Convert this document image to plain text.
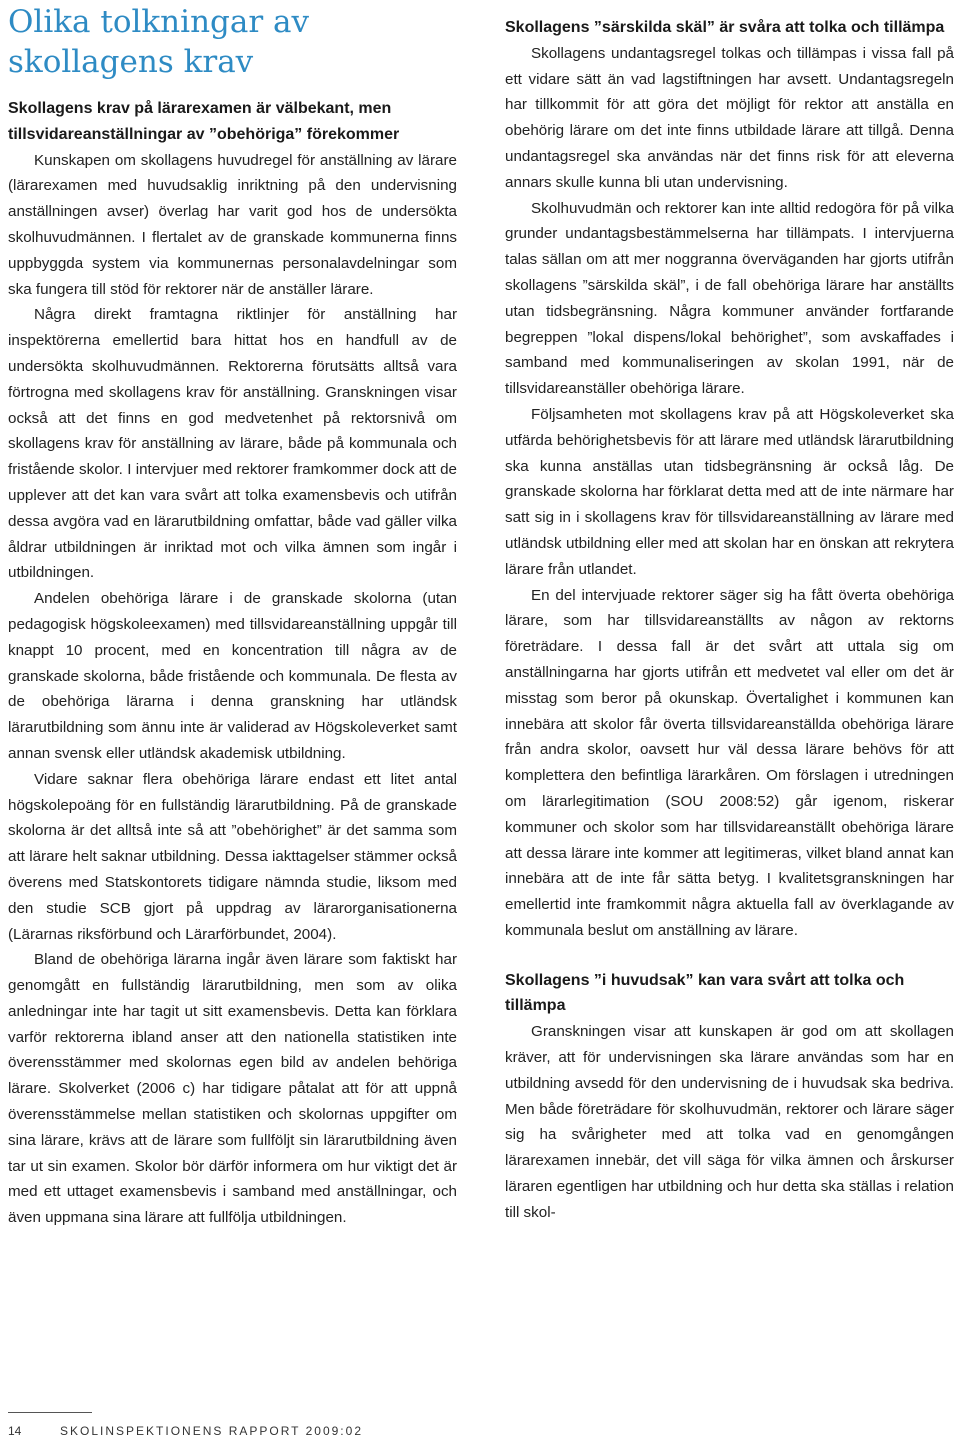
Olika tolkningar av skollagens krav
Skollagens krav på lärarexamen är välbekant, men tillsvidareanställningar av ”obehöriga” förekommer

Kunskapen om skollagens huvudregel för anställning av lärare (lärarexamen med huvudsaklig inriktning på den undervisning anställningen avser) överlag har varit god hos de undersökta skolhuvudmännen. I flertalet av de granskade kommunerna finns uppbyggda system via kommunernas personalavdelningar som ska fungera till stöd för rektorer när de anställer lärare.

Några direkt framtagna riktlinjer för anställning har inspektörerna emellertid bara hittat hos en handfull av de undersökta skolhuvudmännen. Rektorerna förutsätts alltså vara förtrogna med skollagens krav för anställning. Granskningen visar också att det finns en god medvetenhet på rektorsnivå om skollagens krav för anställning av lärare, både på kommunala och fristående skolor. I intervjuer med rektorer framkommer dock att de upplever att det kan vara svårt att tolka examensbevis och utifrån dessa avgöra vad en lärarutbildning omfattar, både vad gäller vilka åldrar utbildningen är inriktad mot och vilka ämnen som ingår i utbildningen.

Andelen obehöriga lärare i de granskade skolorna (utan pedagogisk högskoleexamen) med tillsvidareanställning uppgår till knappt 10 procent, med en koncentration till några av de granskade skolorna, både fristående och kommunala. De flesta av de obehöriga lärarna i denna granskning har utländsk lärarutbildning som ännu inte är validerad av Högskoleverket samt annan svensk eller utländsk akademisk utbildning.

Vidare saknar flera obehöriga lärare endast ett litet antal högskolepoäng för en fullständig lärarutbildning. På de granskade skolorna är det alltså inte så att ”obehörighet” är det samma som att lärare helt saknar utbildning. Dessa iakttagelser stämmer också överens med Statskontorets tidigare nämnda studie, liksom med den studie SCB gjort på uppdrag av lärarorganisationerna (Lärarnas riksförbund och Lärarförbundet, 2004).

Bland de obehöriga lärarna ingår även lärare som faktiskt har genomgått en fullständig lärarutbildning, men som av olika anledningar inte har tagit ut sitt examensbevis. Detta kan förklara varför rektorerna ibland anser att den nationella statistiken inte överensstämmer med skolornas egen bild av andelen behöriga lärare. Skolverket (2006 c) har tidigare påtalat att för att uppnå överensstämmelse mellan statistiken och skolornas uppgifter om sina lärare, krävs att de lärare som fullföljt sin lärarutbildning även tar ut sin examen. Skolor bör därför informera om hur viktigt det är med ett uttaget examensbevis i samband med anställningar, och även uppmana sina lärare att fullfölja utbildningen.

Skollagens ”särskilda skäl” är svåra att tolka och tillämpa

Skollagens undantagsregel tolkas och tillämpas i vissa fall på ett vidare sätt än vad lagstiftningen har avsett. Undantagsregeln har tillkommit för att göra det möjligt för rektor att anställa en obehörig lärare om det inte finns utbildade lärare att tillgå. Denna undantagsregel ska användas när det finns risk för att eleverna annars skulle kunna bli utan undervisning.

Skolhuvudmän och rektorer kan inte alltid redogöra för på vilka grunder undantagsbestämmelserna har tillämpats. I intervjuerna talas sällan om att mer noggranna överväganden har gjorts utifrån skollagens ”särskilda skäl”, i de fall obehöriga lärare har anställts utan tidsbegränsning. Några kommuner använder fortfarande begreppen ”lokal dispens/lokal behörighet”, som avskaffades i samband med kommunaliseringen av skolan 1991, när de tillsvidareanställer obehöriga lärare.

Följsamheten mot skollagens krav på att Högskoleverket ska utfärda behörighetsbevis för att lärare med utländsk lärarutbildning ska kunna anställas utan tidsbegränsning är också låg. De granskade skolorna har förklarat detta med att de inte närmare har satt sig in i skollagens krav för tillsvidareanställning av lärare med utländsk utbildning eller med att skolan har en önskan att rekrytera lärare från utlandet.

En del intervjuade rektorer säger sig ha fått överta obehöriga lärare, som har tillsvidareanställts av någon av rektorns företrädare. I dessa fall är det svårt att uttala sig om anställningarna har gjorts utifrån ett medvetet val eller om det är misstag som beror på okunskap. Övertalighet i kommunen kan innebära att skolor får överta tillsvidareanställda obehöriga lärare från andra skolor, oavsett hur väl dessa lärare behövs för att komplettera den befintliga lärarkåren. Om förslagen i utredningen om lärarlegitimation (SOU 2008:52) går igenom, riskerar kommuner och skolor som har tillsvidareanställt obehöriga lärare att dessa lärare inte kommer att legitimeras, vilket bland annat kan innebära att de inte får sätta betyg. I kvalitetsgranskningen har emellertid inte framkommit några aktuella fall av överklagande av kommunala beslut om anställning av lärare.

Skollagens ”i huvudsak” kan vara svårt att tolka och tillämpa

Granskningen visar att kunskapen är god om att skollagen kräver, att för undervisningen ska lärare användas som har en utbildning avsedd för den undervisning de i huvudsak ska bedriva. Men både företrädare för skolhuvudmän, rektorer och lärare säger sig ha svårigheter med att tolka vad en genomgången lärarexamen innebär, det vill säga för vilka ämnen och årskurser läraren egentligen har utbildning och hur detta ska ställas i relation till skol-

14	SKOLINSPEKTIONENS RAPPORT 2009:02
